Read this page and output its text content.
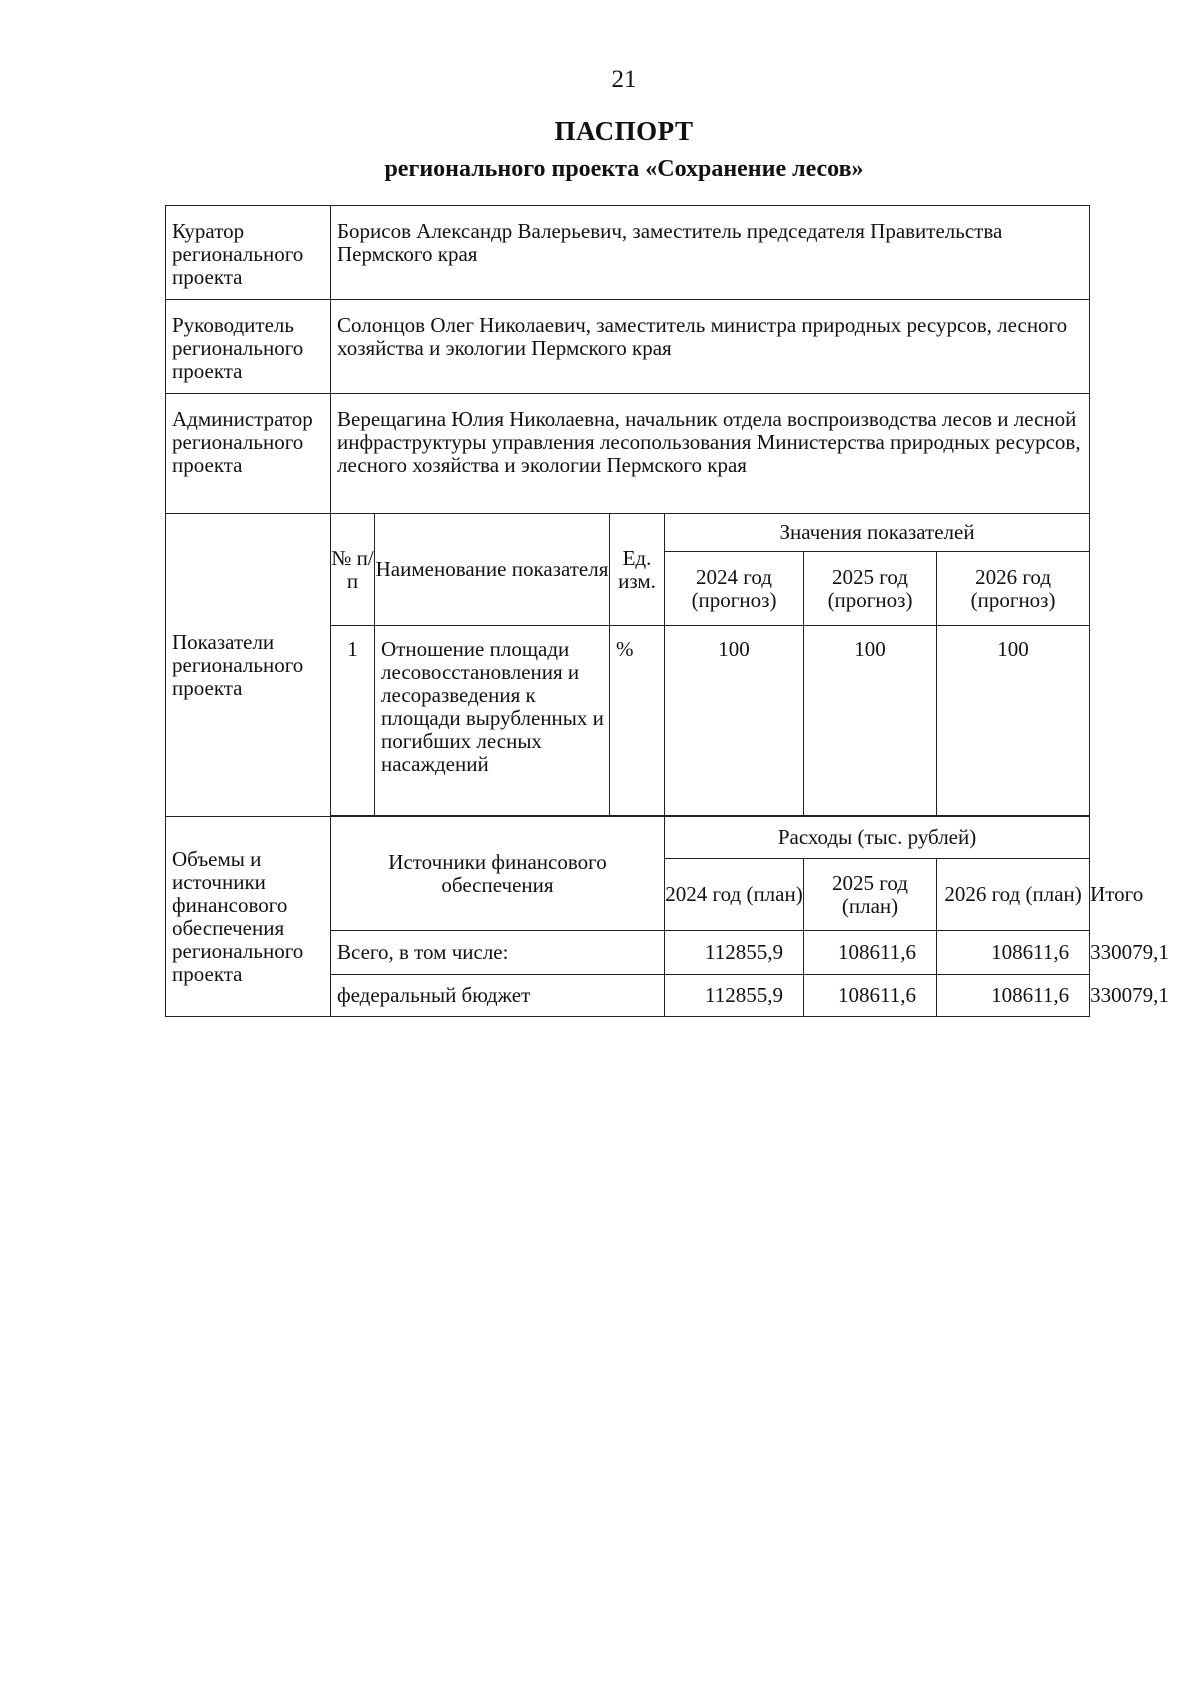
21
ПАСПОРТ
регионального проекта «Сохранение лесов»
Куратор регионального проекта	Борисов Александр Валерьевич, заместитель председателя Правительства Пермского края						
Руководитель регионального проекта	Солонцов Олег Николаевич, заместитель министра природных ресурсов, лесного хозяйства и экологии Пермского края						
Администратор регионального проекта	Верещагина Юлия Николаевна, начальник отдела воспроизводства лесов и лесной инфраструктуры управления лесопользования Министерства природных ресурсов, лесного хозяйства и экологии Пермского края						
Показатели регионального проекта	№ п/п	Наименование показателя	Ед. изм.	Значения показателей			
				2024 год (прогноз)	2025 год (прогноз)	2026 год (прогноз)	
	1	Отношение площади лесовосстановления и лесоразведения к площади вырубленных и погибших лесных насаждений	%	100	100	100	

Объемы и источники финансового обеспечения регионального проекта	Источники финансового обеспечения			Расходы (тыс. рублей)			
				2024 год (план)	2025 год (план)	2026 год (план)	Итого
	Всего, в том числе:			112855,9	108611,6	108611,6	330079,1
	федеральный бюджет			112855,9	108611,6	108611,6	330079,1
